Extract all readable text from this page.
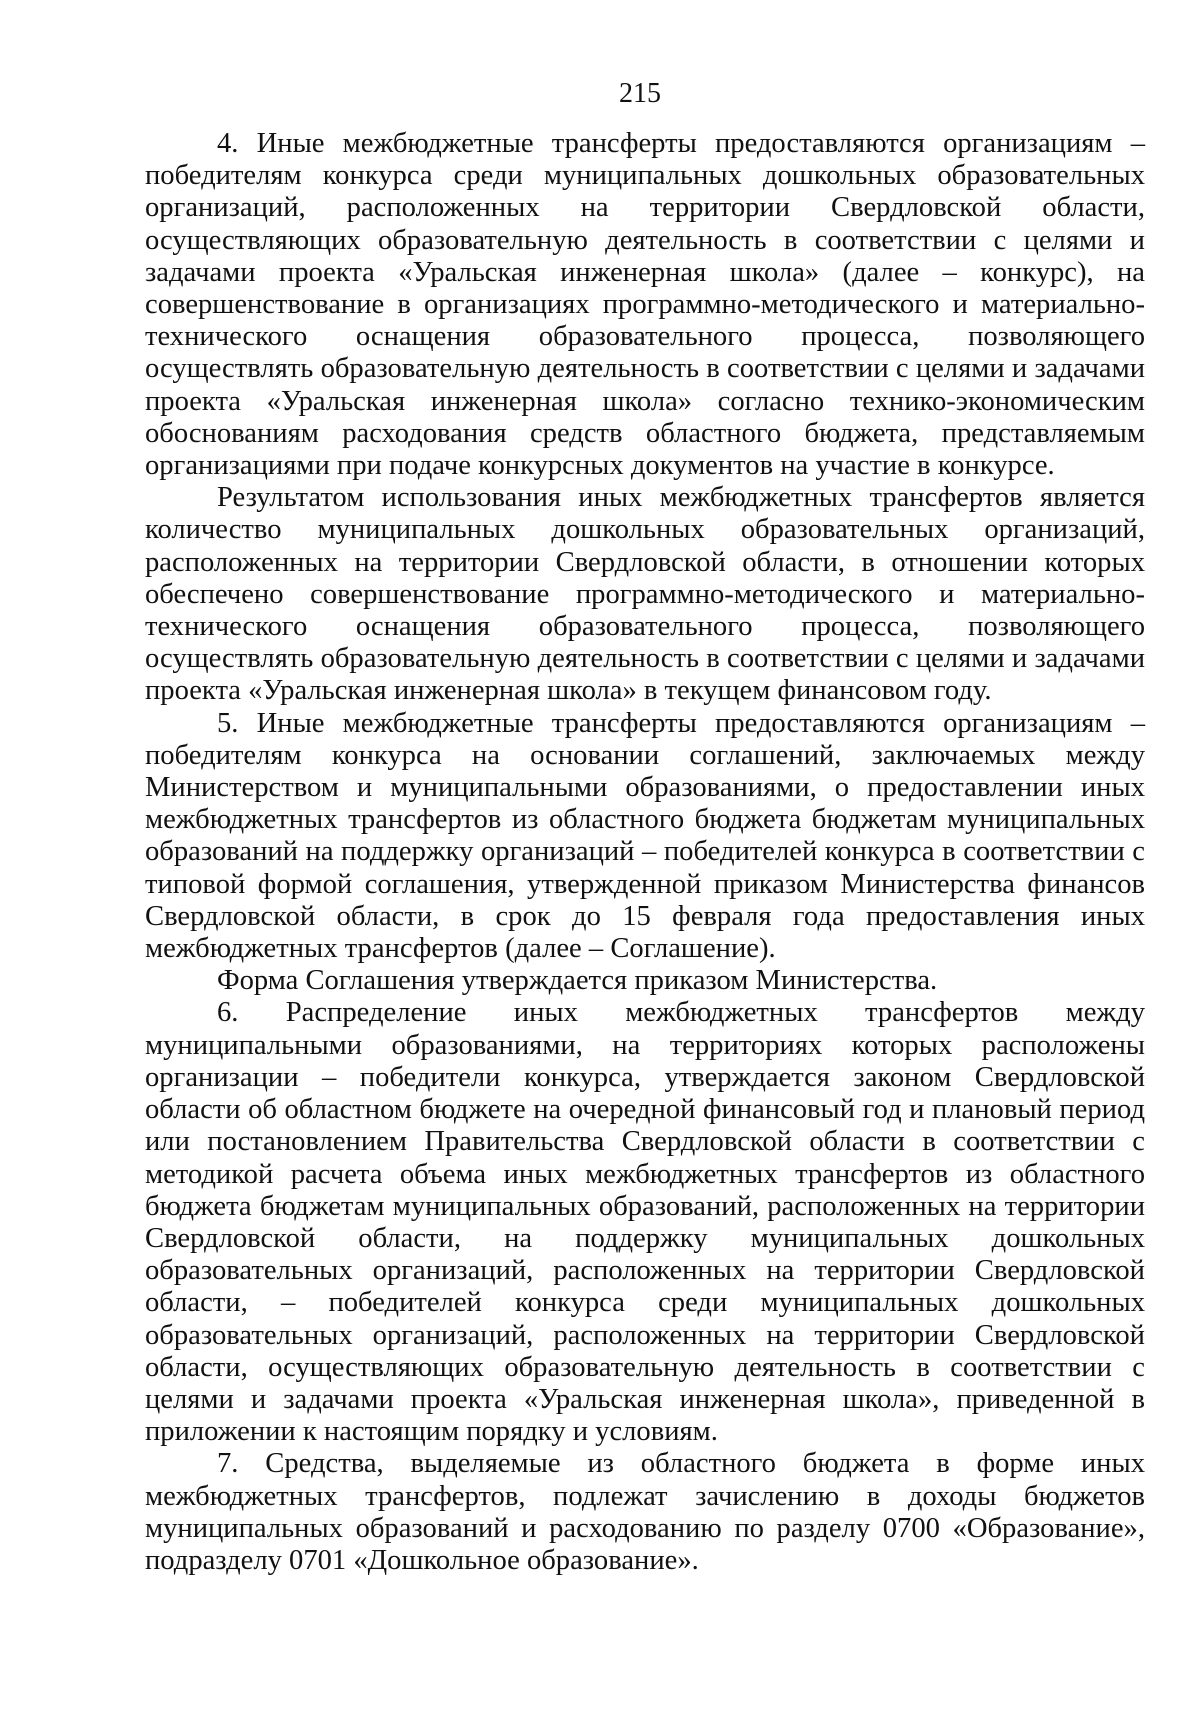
215

4. Иные межбюджетные трансферты предоставляются организациям – победителям конкурса среди муниципальных дошкольных образовательных организаций, расположенных на территории Свердловской области, осуществляющих образовательную деятельность в соответствии с целями и задачами проекта «Уральская инженерная школа» (далее – конкурс), на совершенствование в организациях программно-методического и материально-технического оснащения образовательного процесса, позволяющего осуществлять образовательную деятельность в соответствии с целями и задачами проекта «Уральская инженерная школа» согласно технико-экономическим обоснованиям расходования средств областного бюджета, представляемым организациями при подаче конкурсных документов на участие в конкурсе.

Результатом использования иных межбюджетных трансфертов является количество муниципальных дошкольных образовательных организаций, расположенных на территории Свердловской области, в отношении которых обеспечено совершенствование программно-методического и материально-технического оснащения образовательного процесса, позволяющего осуществлять образовательную деятельность в соответствии с целями и задачами проекта «Уральская инженерная школа» в текущем финансовом году.

5. Иные межбюджетные трансферты предоставляются организациям – победителям конкурса на основании соглашений, заключаемых между Министерством и муниципальными образованиями, о предоставлении иных межбюджетных трансфертов из областного бюджета бюджетам муниципальных образований на поддержку организаций – победителей конкурса в соответствии с типовой формой соглашения, утвержденной приказом Министерства финансов Свердловской области, в срок до 15 февраля года предоставления иных межбюджетных трансфертов (далее – Соглашение).

Форма Соглашения утверждается приказом Министерства.

6. Распределение иных межбюджетных трансфертов между муниципальными образованиями, на территориях которых расположены организации – победители конкурса, утверждается законом Свердловской области об областном бюджете на очередной финансовый год и плановый период или постановлением Правительства Свердловской области в соответствии с методикой расчета объема иных межбюджетных трансфертов из областного бюджета бюджетам муниципальных образований, расположенных на территории Свердловской области, на поддержку муниципальных дошкольных образовательных организаций, расположенных на территории Свердловской области, – победителей конкурса среди муниципальных дошкольных образовательных организаций, расположенных на территории Свердловской области, осуществляющих образовательную деятельность в соответствии с целями и задачами проекта «Уральская инженерная школа», приведенной в приложении к настоящим порядку и условиям.

7. Средства, выделяемые из областного бюджета в форме иных межбюджетных трансфертов, подлежат зачислению в доходы бюджетов муниципальных образований и расходованию по разделу 0700 «Образование», подразделу 0701 «Дошкольное образование».
